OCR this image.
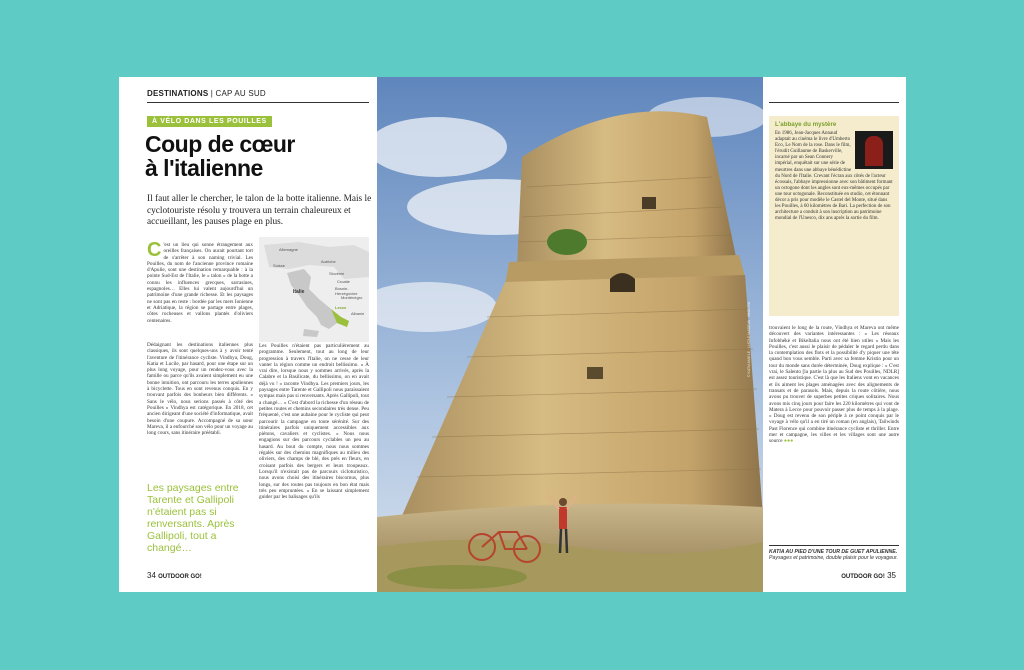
DESTINATIONS | CAP AU SUD
À VÉLO DANS LES POUILLES
Coup de cœur
à l'italienne

Il faut aller le chercher, le talon de la botte italienne. Mais le cyclotouriste résolu y trouvera un terrain chaleureux et accueillant, les pauses plage en plus.

C 'est un lieu qui sonne étrangement aux oreilles françaises. On aurait pourtant tort de s'arrêter à son naming trivial. Les Pouilles, du nom de l'ancienne province romaine d'Apulie, sont une destination remarquable : à la pointe Sud-Est de l'Italie, le « talon » de la botte a connu les influences grecques, sarrasines, espagnoles… Elles lui valent aujourd'hui un patrimoine d'une grande richesse. Et les paysages ne sont pas en reste : bordée par les mers Ionienne et Adriatique, la région se partage entre plages, côtes rocheuses et vallons plantés d'oliviers centenaires.
Allemagne
Autriche
Suisse
Slovénie
Croatie
Bosnie-Herzégovine
Italie
Monténégro
Albanie
Lecce
Dédaignant les destinations italiennes plus classiques, ils sont quelques-uns à y avoir tenté l'aventure de l'itinérance cycliste. Vindhya, Doug, Katia et Lucile, par hasard, pour une étape sur un plus long voyage, pour un rendez-vous avec la famille ou parce qu'ils avaient simplement eu une bonne intuition, ont parcouru les terres apuliennes à bicyclette. Tous en sont revenus conquis. En y trouvant parfois des bonheurs bien différents. « Sans le vélo, nous serions passés à côté des Pouilles » Vindhya est catégorique. En 2018, cet ancien dirigeant d'une société d'informatique, avait besoin d'une coupure. Accompagné de sa sœur Mareva, il a enfourché son vélo pour un voyage au long cours, sans itinéraire préétabli.
Les Pouilles n'étaient pas particulièrement au programme. Seulement, tout au long de leur progression à travers l'Italie, on ne cesse de leur vanter la région comme un endroit bellissimo. « À vrai dire, lorsque nous y sommes arrivés, après la Calabre et la Basilicate, du bellissimo, on en avait déjà vu ! » raconte Vindhya. Les premiers jours, les paysages entre Tarente et Gallipoli nous paraissaient sympas mais pas si renversants. Après Gallipoli, tout a changé… « C'est d'abord la richesse d'un réseau de petites routes et chemins secondaires très dense. Peu fréquenté, c'est une aubaine pour le cycliste qui peut parcourir la campagne en toute sérénité. Sur des itinéraires parfois uniquement accessibles aux piétons, cavaliers et cyclistes. « Nous nous engagions sur des parcours cyclables un peu au hasard. Au bout du compte, nous nous sommes régalés sur des chemins magnifiques au milieu des oliviers, des champs de blé, des prés en fleurs, en croisant parfois des bergers et leurs troupeaux. Lorsqu'il n'existait pas de parcours cicloturistico, nous avons choisi des itinéraires biscornus, plus longs, sur des routes pas toujours en bon état mais très peu empruntées. » En se laissant simplement guider par les balisages qu'ils
Les paysages entre Tarente et Gallipoli n'étaient pas si renversants. Après Gallipoli, tout a changé…
34 OUTDOOR GO!
© KATIA MAELE · LUCILE MAREVA · VINDHYA
L'abbaye du mystère
En 1986, Jean-Jacques Annaud adaptait au cinéma le livre d'Umberto Eco, Le Nom de la rose. Dans le film, l'érudit Guillaume de Baskerville, incarné par un Sean Connery impérial, enquêtait sur une série de meurtres dans une abbaye bénédictine du Nord de l'Italie. Crevant l'écran aux côtés de l'acteur écossais, l'abbaye impressionne avec son bâtiment formant un octogone dont les angles sont eux-mêmes occupés par une tour octogonale. Reconstituée en studio, cet étonnant décor a pris pour modèle le Castel del Monte, situé dans les Pouilles, à 60 kilomètres de Bari. La perfection de son architecture a conduit à son inscription au patrimoine mondial de l'Unesco, dix ans après la sortie du film.
trouvaient le long de la route, Vindhya et Mareva ont même découvert des variantes intéressantes : « Les réseaux Infobhékè et BikeItalia nous ont été bien utiles » Mais les Pouilles, c'est aussi le plaisir de pédaler le regard perdu dans la contemplation des flots et la possibilité d'y piquer une tête quand bon vous semble. Parti avec sa femme Kristin pour un tour du monde sans durée déterminée, Doug explique : « C'est vrai, le Salento [la partie la plus au Sud des Pouilles, NDLR] est assez touristique. C'est là que les Italiens vont en vacances et ils aiment les plages aménagées avec des alignements de transats et de parasols. Mais, depuis la route côtière, nous avons pu trouver de superbes petites criques solitaires. Nous avons mis cinq jours pour faire les 220 kilomètres qui vont de Matera à Lecce pour pouvoir passer plus de temps à la plage. » Doug est revenu de son périple à ce point conquis par le voyage à vélo qu'il a en tiré un roman (en anglais), Tailwinds Past Florence qui combine itinérance cycliste et thriller. Entre mer et campagne, les villes et les villages sont une autre source ●●●
KATIA AU PIED D'UNE TOUR DE GUET APULIENNE. Paysages et patrimoine, double plaisir pour le voyageur.
OUTDOOR GO! 35
